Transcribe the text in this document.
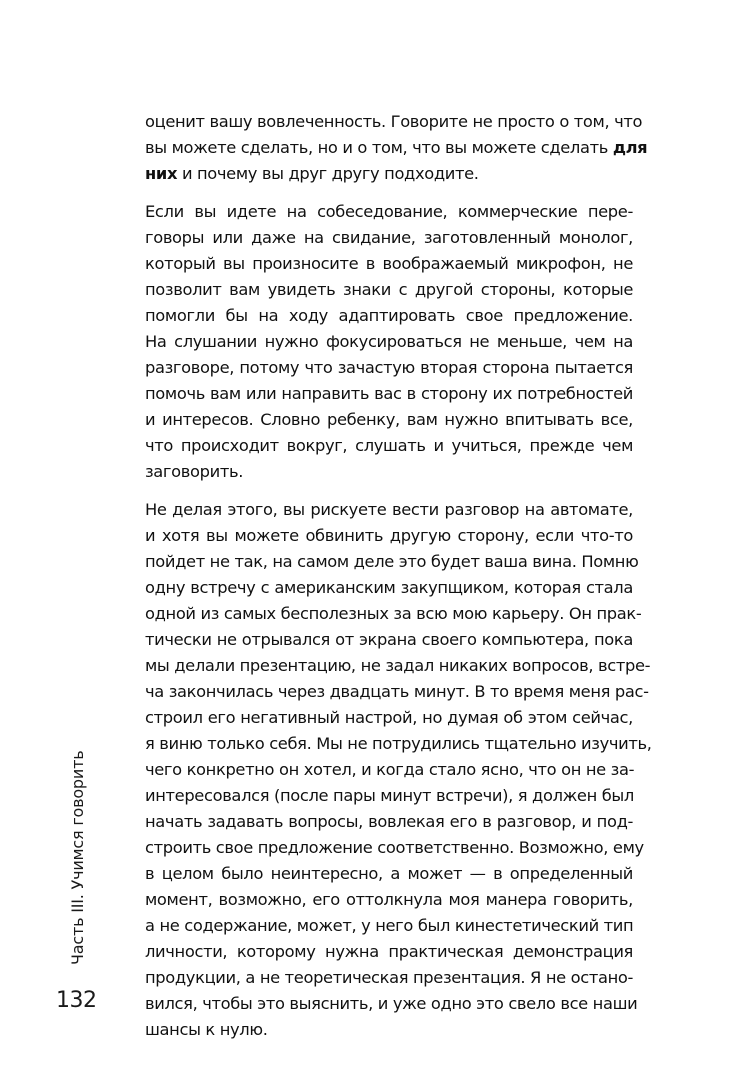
оценит вашу вовлеченность. Говорите не просто о том, что
вы можете сделать, но и о том, что вы можете сделать для
них и почему вы друг другу подходите.
Если вы идете на собеседование, коммерческие пере-
говоры или даже на свидание, заготовленный монолог,
который вы произносите в воображаемый микрофон, не
позволит вам увидеть знаки с другой стороны, которые
помогли бы на ходу адаптировать свое предложение.
На слушании нужно фокусироваться не меньше, чем на
разговоре, потому что зачастую вторая сторона пытается
помочь вам или направить вас в сторону их потребностей
и интересов. Словно ребенку, вам нужно впитывать все,
что происходит вокруг, слушать и учиться, прежде чем
заговорить.
Не делая этого, вы рискуете вести разговор на автомате,
и хотя вы можете обвинить другую сторону, если что-то
пойдет не так, на самом деле это будет ваша вина. Помню
одну встречу с американским закупщиком, которая стала
одной из самых бесполезных за всю мою карьеру. Он прак-
тически не отрывался от экрана своего компьютера, пока
мы делали презентацию, не задал никаких вопросов, встре-
ча закончилась через двадцать минут. В то время меня рас-
строил его негативный настрой, но думая об этом сейчас,
я виню только себя. Мы не потрудились тщательно изучить,
чего конкретно он хотел, и когда стало ясно, что он не за-
интересовался (после пары минут встречи), я должен был
начать задавать вопросы, вовлекая его в разговор, и под-
строить свое предложение соответственно. Возможно, ему
в целом было неинтересно, а может — в определенный
момент, возможно, его оттолкнула моя манера говорить,
а не содержание, может, у него был кинестетический тип
личности, которому нужна практическая демонстрация
продукции, а не теоретическая презентация. Я не остано-
вился, чтобы это выяснить, и уже одно это свело все наши
шансы к нулю.
Часть III. Учимся говорить
132
